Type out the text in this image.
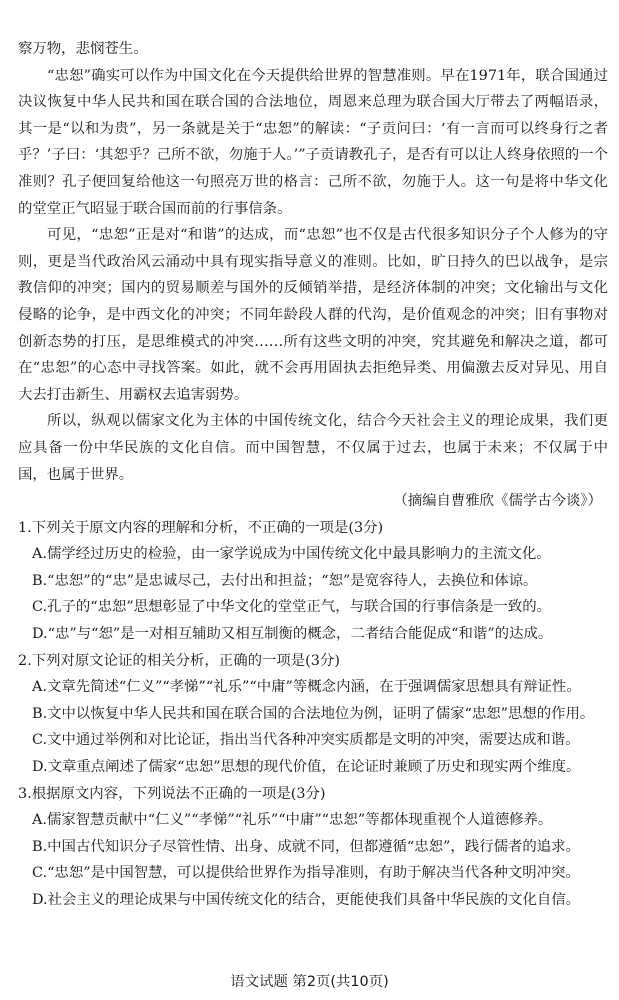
察万物，悲悯苍生。

“忠恕”确实可以作为中国文化在今天提供给世界的智慧准则。早在1971年，联合国通过决议恢复中华人民共和国在联合国的合法地位，周恩来总理为联合国大厅带去了两幅语录，其一是“以和为贵”，另一条就是关于“忠恕”的解读：“子贡问曰：‘有一言而可以终身行之者乎？’子曰：‘其恕乎？己所不欲，勿施于人。’”子贡请教孔子，是否有可以让人终身依照的一个准则？孔子便回复给他这一句照亮万世的格言：己所不欲，勿施于人。这一句是将中华文化的堂堂正气昭显于联合国而前的行事信条。

可见，“忠恕”正是对“和谐”的达成，而“忠恕”也不仅是古代很多知识分子个人修为的守则，更是当代政治风云涌动中具有现实指导意义的准则。比如，旷日持久的巴以战争，是宗教信仰的冲突；国内的贸易顺差与国外的反倾销举措，是经济体制的冲突；文化输出与文化侵略的论争，是中西文化的冲突；不同年龄段人群的代沟，是价值观念的冲突；旧有事物对创新态势的打压，是思维模式的冲突……所有这些文明的冲突，究其避免和解决之道，都可在“忠恕”的心态中寻找答案。如此，就不会再用固执去拒绝异类、用偏激去反对异见、用自大去打击新生、用霸权去追害弱势。

所以，纵观以儒家文化为主体的中国传统文化，结合今天社会主义的理论成果，我们更应具备一份中华民族的文化自信。而中国智慧，不仅属于过去，也属于未来；不仅属于中国，也属于世界。

（摘编自曹雅欣《儒学古今谈》）

1.下列关于原文内容的理解和分析，不正确的一项是(3分)

A.儒学经过历史的检验，由一家学说成为中国传统文化中最具影响力的主流文化。

B.“忠恕”的“忠”是忠诚尽己，去付出和担益；“恕”是宽容待人，去换位和体谅。

C.孔子的“忠恕”思想彰显了中华文化的堂堂正气，与联合国的行事信条是一致的。

D.“忠”与“恕”是一对相互辅助又相互制衡的概念，二者结合能促成“和谐”的达成。

2.下列对原文论证的相关分析，正确的一项是(3分)

A.文章先简述“仁义”“孝悌”“礼乐”“中庸”等概念内涵，在于强调儒家思想具有辩证性。

B.文中以恢复中华人民共和国在联合国的合法地位为例，证明了儒家“忠恕”思想的作用。

C.文中通过举例和对比论证，指出当代各种冲突实质都是文明的冲突，需要达成和谐。

D.文章重点阐述了儒家“忠恕”思想的现代价值，在论证时兼顾了历史和现实两个维度。

3.根据原文内容，下列说法不正确的一项是(3分)

A.儒家智慧贡献中“仁义”“孝悌”“礼乐”“中庸”“忠恕”等都体现重视个人道德修养。

B.中国古代知识分子尽管性情、出身、成就不同，但都遵循“忠恕”，践行儒者的追求。

C.“忠恕”是中国智慧，可以提供给世界作为指导准则，有助于解决当代各种文明冲突。

D.社会主义的理论成果与中国传统文化的结合，更能使我们具备中华民族的文化自信。

语文试题 第2页(共10页)
